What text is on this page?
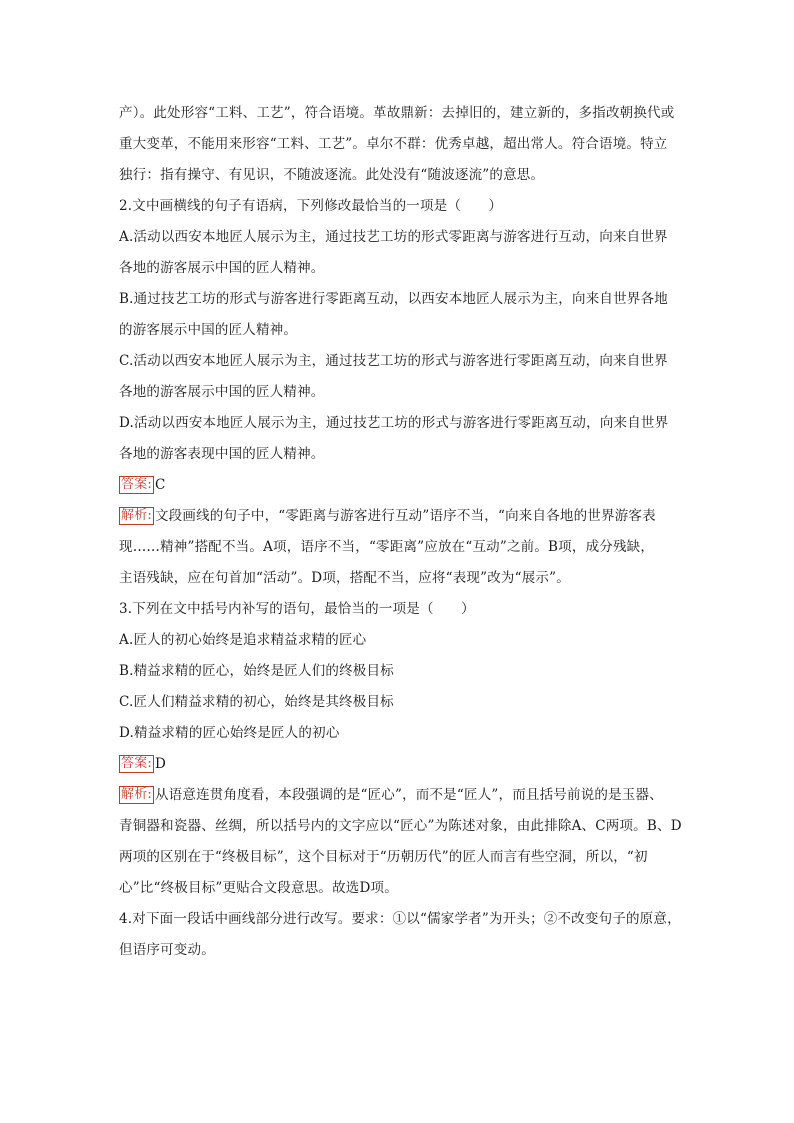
产）。此处形容“工料、工艺”，符合语境。革故鼎新：去掉旧的，建立新的，多指改朝换代或
重大变革，不能用来形容“工料、工艺”。卓尔不群：优秀卓越，超出常人。符合语境。特立
独行：指有操守、有见识，不随波逐流。此处没有“随波逐流”的意思。
2.文中画横线的句子有语病，下列修改最恰当的一项是（　　）
A.活动以西安本地匠人展示为主，通过技艺工坊的形式零距离与游客进行互动，向来自世界
各地的游客展示中国的匠人精神。
B.通过技艺工坊的形式与游客进行零距离互动，以西安本地匠人展示为主，向来自世界各地
的游客展示中国的匠人精神。
C.活动以西安本地匠人展示为主，通过技艺工坊的形式与游客进行零距离互动，向来自世界
各地的游客展示中国的匠人精神。
D.活动以西安本地匠人展示为主，通过技艺工坊的形式与游客进行零距离互动，向来自世界
各地的游客表现中国的匠人精神。
答案: C
解析: 文段画线的句子中，“零距离与游客进行互动”语序不当，“向来自各地的世界游客表
现……精神”搭配不当。A项，语序不当，“零距离”应放在“互动”之前。B项，成分残缺，
主语残缺，应在句首加“活动”。D项，搭配不当，应将“表现”改为“展示”。
3.下列在文中括号内补写的语句，最恰当的一项是（　　）
A.匠人的初心始终是追求精益求精的匠心
B.精益求精的匠心，始终是匠人们的终极目标
C.匠人们精益求精的初心，始终是其终极目标
D.精益求精的匠心始终是匠人的初心
答案: D
解析: 从语意连贯角度看，本段强调的是“匠心”，而不是“匠人”，而且括号前说的是玉器、
青铜器和瓷器、丝绸，所以括号内的文字应以“匠心”为陈述对象，由此排除A、C两项。B、D
两项的区别在于“终极目标”，这个目标对于“历朝历代”的匠人而言有些空洞，所以，“初
心”比“终极目标”更贴合文段意思。故选D项。
4.对下面一段话中画线部分进行改写。要求：①以“儒家学者”为开头；②不改变句子的原意，
但语序可变动。
